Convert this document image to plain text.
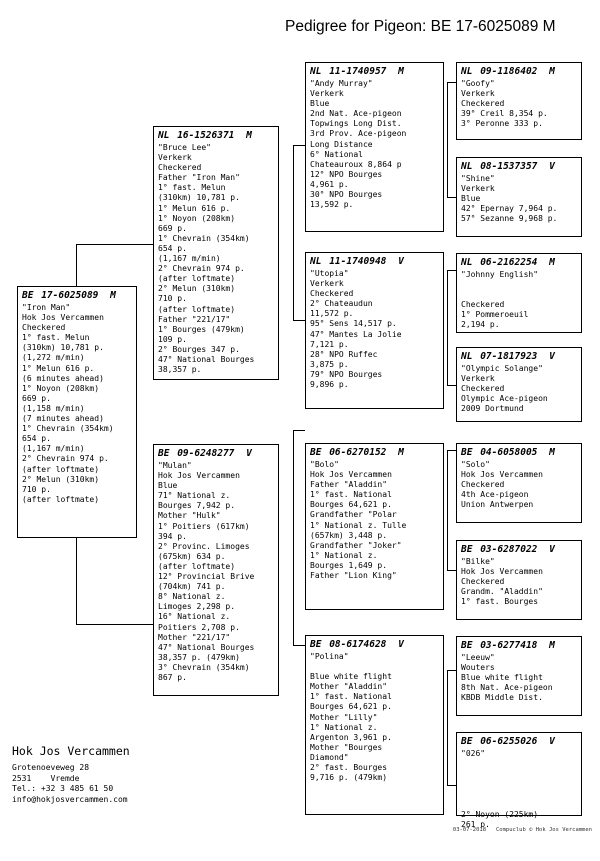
Pedigree for Pigeon: BE 17-6025089 M
BE 17-6025089 M
"Iron Man"
Hok Jos Vercammen
Checkered
1° fast. Melun
(310km) 10,781 p.
(1,272 m/min)
1° Melun 616 p.
(6 minutes ahead)
1° Noyon (208km)
669 p.
(1,158 m/min)
(7 minutes ahead)
1° Chevrain (354km)
654 p.
(1,167 m/min)
2° Chevrain 974 p.
(after loftmate)
2° Melun (310km)
710 p.
(after loftmate)
NL 16-1526371 M
"Bruce Lee"
Verkerk
Checkered
Father "Iron Man"
1° fast. Melun
(310km) 10,781 p.
1° Melun 616 p.
1° Noyon (208km)
669 p.
1° Chevrain (354km)
654 p.
(1,167 m/min)
2° Chevrain 974 p.
(after loftmate)
2° Melun (310km)
710 p.
(after loftmate)
Father "221/17"
1° Bourges (479km)
109 p.
2° Bourges 347 p.
47° National Bourges
38,357 p.
BE 09-6248277 V
"Mulan"
Hok Jos Vercammen
Blue
71° National z.
Bourges 7,942 p.
Mother "Hulk"
1° Poitiers (617km)
394 p.
2° Provinc. Limoges
(675km) 634 p.
(after loftmate)
12° Provincial Brive
(704km) 741 p.
8° National z.
Limoges 2,298 p.
16° National z.
Poitiers 2,708 p.
Mother "221/17"
47° National Bourges
38,357 p. (479km)
3° Chevrain (354km)
867 p.
NL 11-1740957 M
"Andy Murray"
Verkerk
Blue
2nd Nat. Ace-pigeon
Topwings Long Dist.
3rd Prov. Ace-pigeon
Long Distance
6° National
Chateauroux 8,864 p
12° NPO Bourges
4,961 p.
30° NPO Bourges
13,592 p.
NL 11-1740948 V
"Utopia"
Verkerk
Checkered
2° Chateaudun
11,572 p.
95° Sens 14,517 p.
47° Mantes La Jolie
7,121 p.
28° NPO Ruffec
3,875 p.
79° NPO Bourges
9,896 p.
BE 06-6270152 M
"Bolo"
Hok Jos Vercammen
Father "Aladdin"
1° fast. National
Bourges 64,621 p.
Grandfather "Polar
1° National z. Tulle
(657km) 3,448 p.
Grandfather "Joker"
1° National z.
Bourges 1,649 p.
Father "Lion King"
BE 08-6174628 V
"Polina"

Blue white flight
Mother "Aladdin"
1° fast. National
Bourges 64,621 p.
Mother "Lilly"
1° National z.
Argenton 3,961 p.
Mother "Bourges
Diamond"
2° fast. Bourges
9,716 p. (479km)
NL 09-1186402 M
"Goofy"
Verkerk
Checkered
39° Creil 8,354 p.
3° Peronne 333 p.
NL 08-1537357 V
"Shine"
Verkerk
Blue
42° Epernay 7,964 p.
57° Sezanne 9,968 p.
NL 06-2162254 M
"Johnny English"

Checkered
1° Pommeroeuil
2,194 p.
NL 07-1817923 V
"Olympic Solange"
Verkerk
Checkered
Olympic Ace-pigeon
2009 Dortmund
BE 04-6058005 M
"Solo"
Hok Jos Vercammen
Checkered
4th Ace-pigeon
Union Antwerpen
BE 03-6287022 V
"Bilke"
Hok Jos Vercammen
Checkered
Grandm. "Aladdin"
1° fast. Bourges
BE 03-6277418 M
"Leeuw"
Wouters
Blue white flight
8th Nat. Ace-pigeon
KBDB Middle Dist.
BE 06-6255026 V
"026"

2° Noyon (225km)
261 p.
Hok Jos Vercammen
Grotenoeveweg 28
2531 Vremde
Tel.: +32 3 485 61 50
info@hokjosvercammen.com
03-07-2018   Compuclub © Hok Jos Vercammen
